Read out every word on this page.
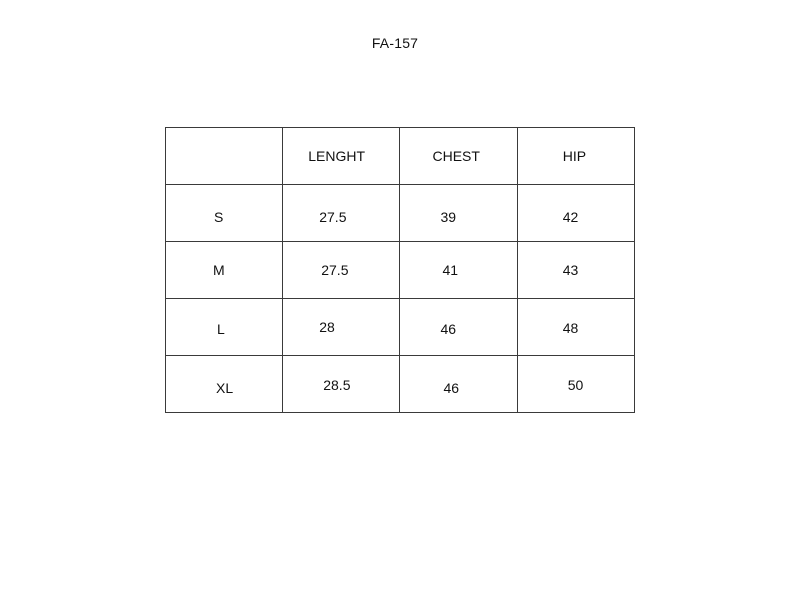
FA-157

	LENGHT	CHEST	HIP

S	27.5	39	42

M	27.5	41	43

L	28	46	48

XL	28.5	46	50
